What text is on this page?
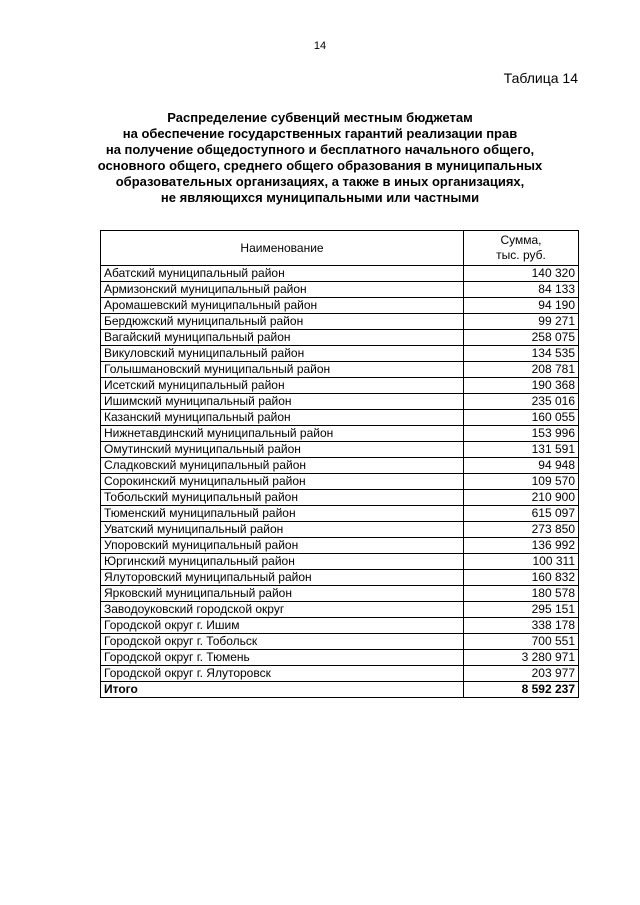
14
Таблица 14
Распределение субвенций местным бюджетам
на обеспечение государственных гарантий реализации прав
на получение общедоступного и бесплатного начального общего,
основного общего, среднего общего образования в муниципальных
образовательных организациях, а также в иных организациях,
не являющихся муниципальными или частными
Наименование	Сумма,
тыс. руб.

Абатский муниципальный район	140 320
Армизонский муниципальный район	84 133
Аромашевский муниципальный район	94 190
Бердюжский муниципальный район	99 271
Вагайский муниципальный район	258 075
Викуловский муниципальный район	134 535
Голышмановский муниципальный район	208 781
Исетский муниципальный район	190 368
Ишимский муниципальный район	235 016
Казанский муниципальный район	160 055
Нижнетавдинский муниципальный район	153 996
Омутинский муниципальный район	131 591
Сладковский муниципальный район	94 948
Сорокинский муниципальный район	109 570
Тобольский муниципальный район	210 900
Тюменский муниципальный район	615 097
Уватский муниципальный район	273 850
Упоровский муниципальный район	136 992
Юргинский муниципальный район	100 311
Ялуторовский муниципальный район	160 832
Ярковский муниципальный район	180 578
Заводоуковский городской округ	295 151
Городской округ г. Ишим	338 178
Городской округ г. Тобольск	700 551
Городской округ г. Тюмень	3 280 971
Городской округ г. Ялуторовск	203 977
Итого	8 592 237
